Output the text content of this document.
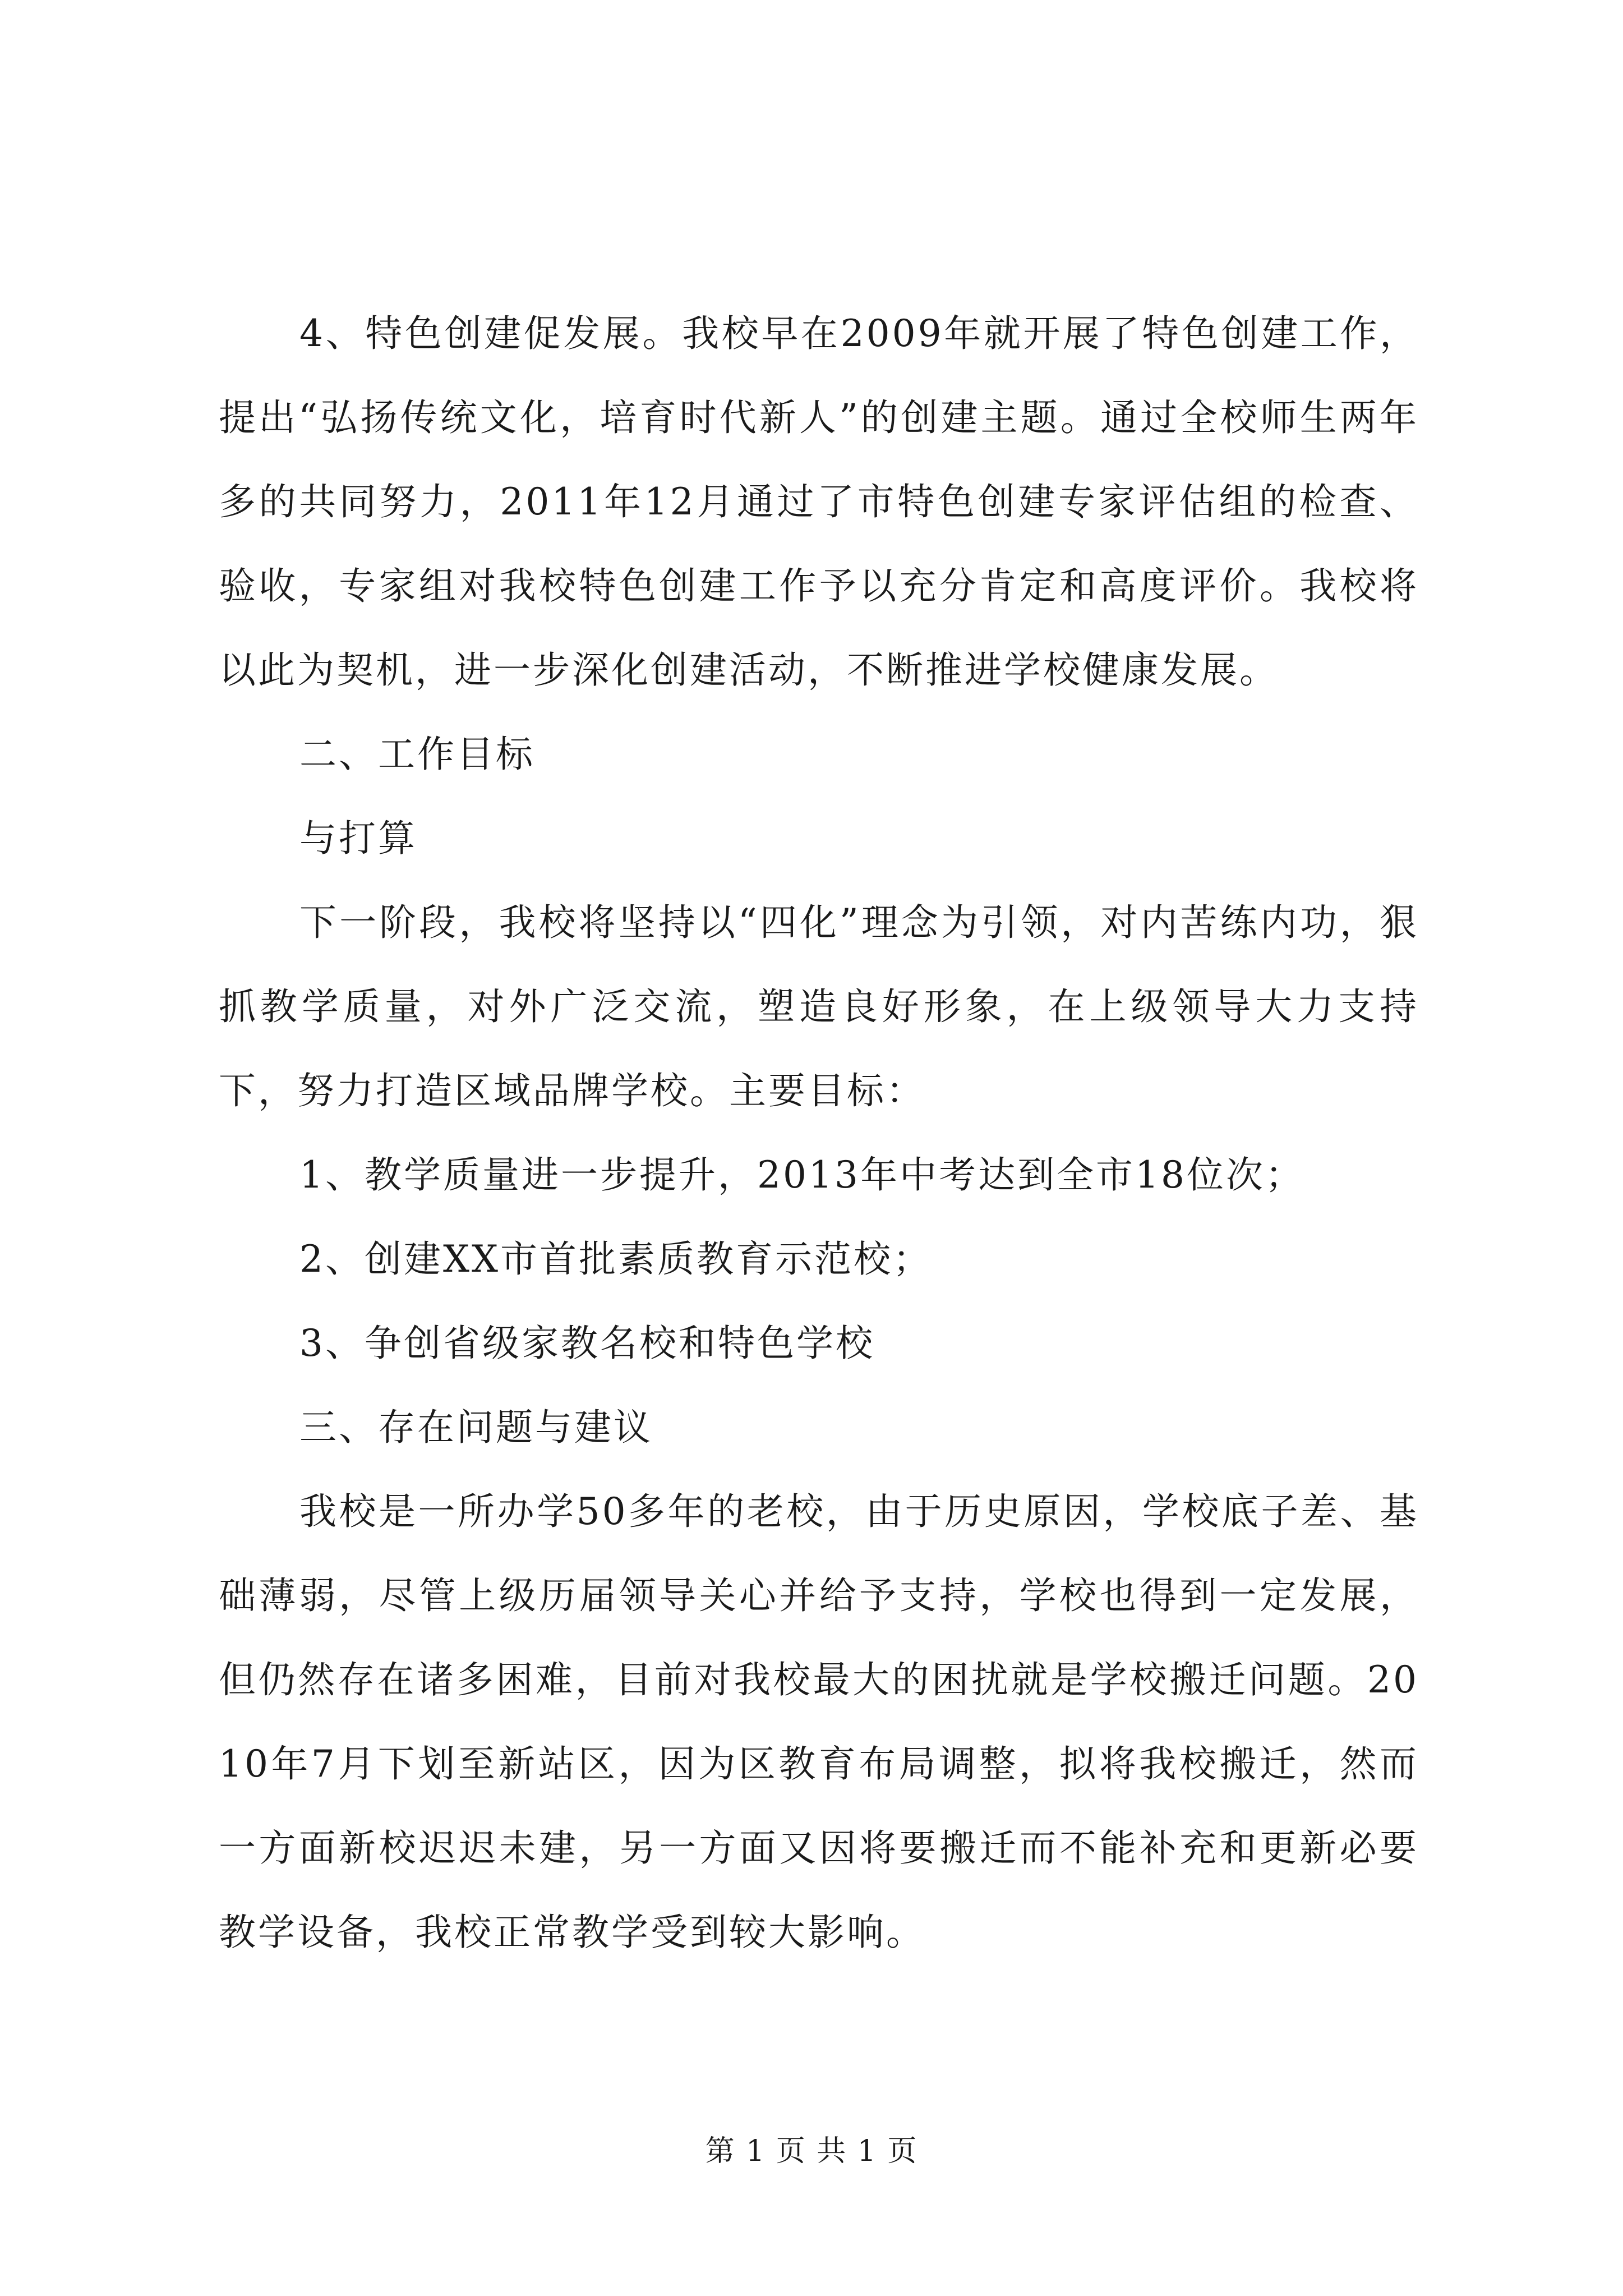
4、特色创建促发展。我校早在2009年就开展了特色创建工作，提出“弘扬传统文化，培育时代新人”的创建主题。通过全校师生两年多的共同努力，2011年12月通过了市特色创建专家评估组的检查、验收，专家组对我校特色创建工作予以充分肯定和高度评价。我校将以此为契机，进一步深化创建活动，不断推进学校健康发展。

二、工作目标

与打算

下一阶段，我校将坚持以“四化”理念为引领，对内苦练内功，狠抓教学质量，对外广泛交流，塑造良好形象，在上级领导大力支持下，努力打造区域品牌学校。主要目标：

1、教学质量进一步提升，2013年中考达到全市18位次；

2、创建XX市首批素质教育示范校；

3、争创省级家教名校和特色学校

三、存在问题与建议

我校是一所办学50多年的老校，由于历史原因，学校底子差、基础薄弱，尽管上级历届领导关心并给予支持，学校也得到一定发展，但仍然存在诸多困难，目前对我校最大的困扰就是学校搬迁问题。2010年7月下划至新站区，因为区教育布局调整，拟将我校搬迁，然而一方面新校迟迟未建，另一方面又因将要搬迁而不能补充和更新必要教学设备，我校正常教学受到较大影响。

第 1 页 共 1 页
